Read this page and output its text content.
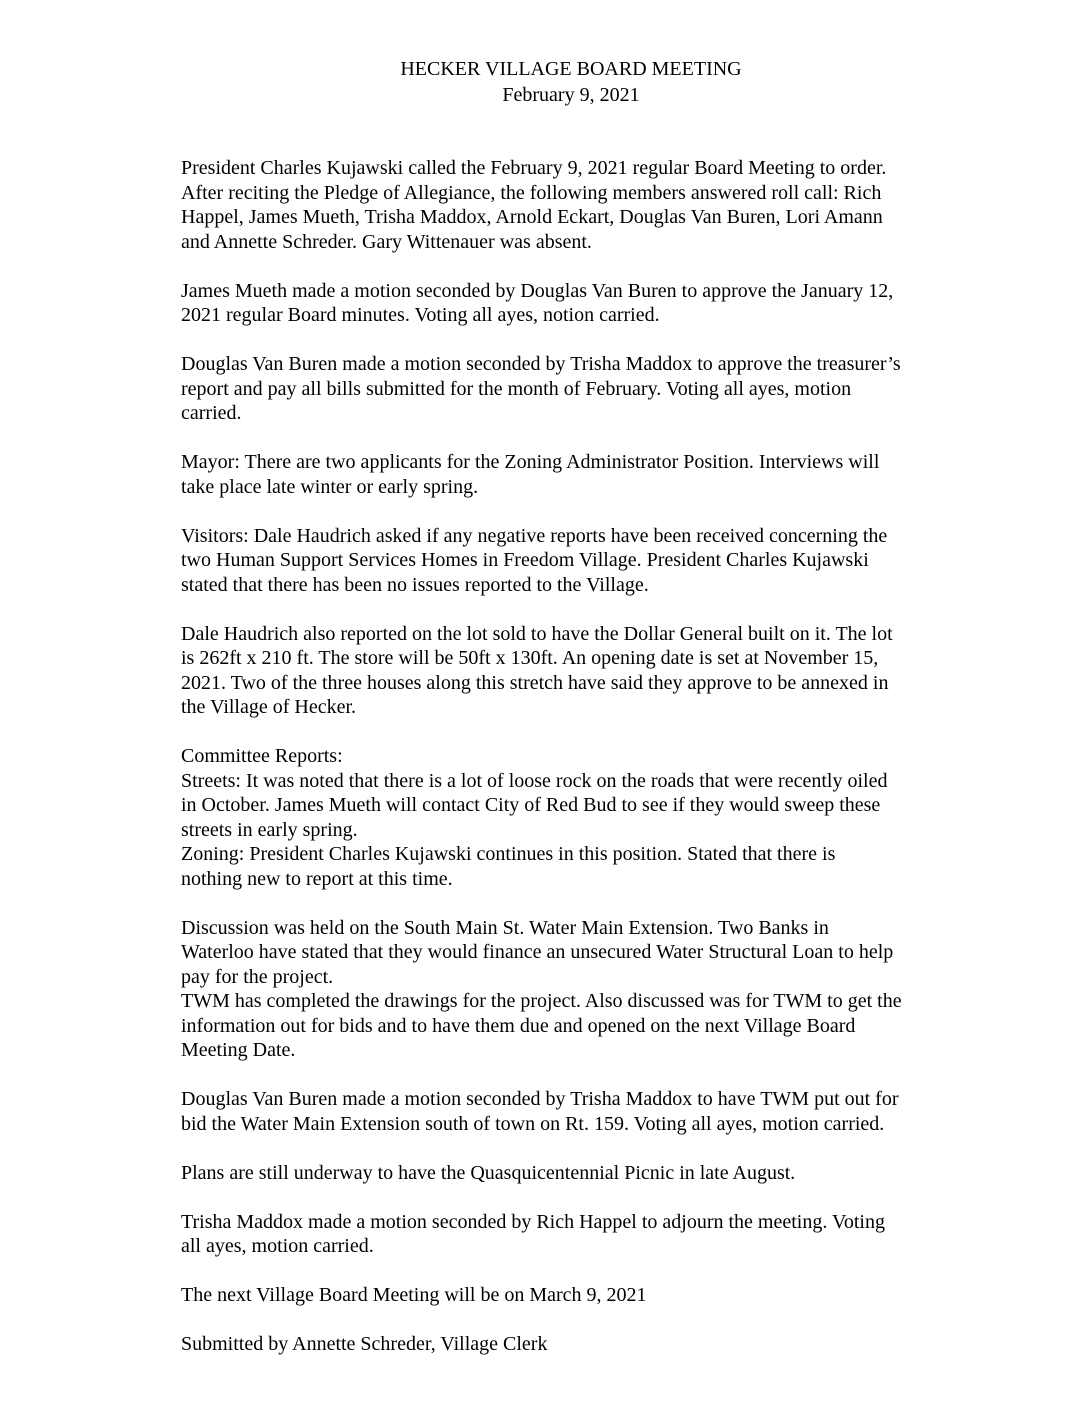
HECKER VILLAGE BOARD MEETING
February 9, 2021

President Charles Kujawski called the February 9, 2021 regular Board Meeting to order.
After reciting the Pledge of Allegiance, the following members answered roll call: Rich
Happel, James Mueth, Trisha Maddox, Arnold Eckart, Douglas Van Buren, Lori Amann
and Annette Schreder. Gary Wittenauer was absent.

James Mueth made a motion seconded by Douglas Van Buren to approve the January 12,
2021 regular Board minutes. Voting all ayes, notion carried.

Douglas Van Buren made a motion seconded by Trisha Maddox to approve the treasurer’s
report and pay all bills submitted for the month of February. Voting all ayes, motion
carried.

Mayor: There are two applicants for the Zoning Administrator Position. Interviews will
take place late winter or early spring.

Visitors: Dale Haudrich asked if any negative reports have been received concerning the
two Human Support Services Homes in Freedom Village. President Charles Kujawski
stated that there has been no issues reported to the Village.

Dale Haudrich also reported on the lot sold to have the Dollar General built on it. The lot
is 262ft x 210 ft. The store will be 50ft x 130ft. An opening date is set at November 15,
2021. Two of the three houses along this stretch have said they approve to be annexed in
the Village of Hecker.

Committee Reports:
Streets: It was noted that there is a lot of loose rock on the roads that were recently oiled
in October. James Mueth will contact City of Red Bud to see if they would sweep these
streets in early spring.
Zoning: President Charles Kujawski continues in this position. Stated that there is
nothing new to report at this time.

Discussion was held on the South Main St. Water Main Extension. Two Banks in
Waterloo have stated that they would finance an unsecured Water Structural Loan to help
pay for the project.
TWM has completed the drawings for the project. Also discussed was for TWM to get the
information out for bids and to have them due and opened on the next Village Board
Meeting Date.

Douglas Van Buren made a motion seconded by Trisha Maddox to have TWM put out for
bid the Water Main Extension south of town on Rt. 159. Voting all ayes, motion carried.

Plans are still underway to have the Quasquicentennial Picnic in late August.

Trisha Maddox made a motion seconded by Rich Happel to adjourn the meeting. Voting
all ayes, motion carried.

The next Village Board Meeting will be on March 9, 2021

Submitted by Annette Schreder, Village Clerk
